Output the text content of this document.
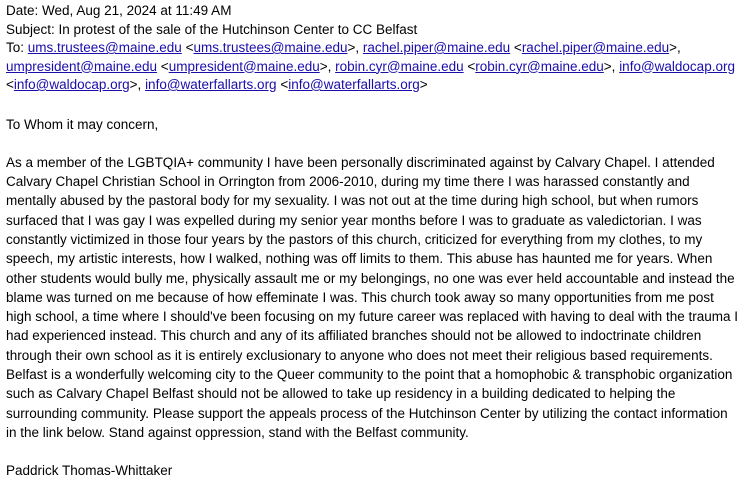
Date: Wed, Aug 21, 2024 at 11:49 AM
Subject: In protest of the sale of the Hutchinson Center to CC Belfast
To: ums.trustees@maine.edu <ums.trustees@maine.edu>, rachel.piper@maine.edu <rachel.piper@maine.edu>, umpresident@maine.edu <umpresident@maine.edu>, robin.cyr@maine.edu <robin.cyr@maine.edu>, info@waldocap.org <info@waldocap.org>, info@waterfallarts.org <info@waterfallarts.org>

To Whom it may concern,

As a member of the LGBTQIA+ community I have been personally discriminated against by Calvary Chapel. I attended Calvary Chapel Christian School in Orrington from 2006-2010, during my time there I was harassed constantly and mentally abused by the pastoral body for my sexuality. I was not out at the time during high school, but when rumors surfaced that I was gay I was expelled during my senior year months before I was to graduate as valedictorian. I was constantly victimized in those four years by the pastors of this church, criticized for everything from my clothes, to my speech, my artistic interests, how I walked, nothing was off limits to them. This abuse has haunted me for years. When other students would bully me, physically assault me or my belongings, no one was ever held accountable and instead the blame was turned on me because of how effeminate I was. This church took away so many opportunities from me post high school, a time where I should've been focusing on my future career was replaced with having to deal with the trauma I had experienced instead. This church and any of its affiliated branches should not be allowed to indoctrinate children through their own school as it is entirely exclusionary to anyone who does not meet their religious based requirements. Belfast is a wonderfully welcoming city to the Queer community to the point that a homophobic & transphobic organization such as Calvary Chapel Belfast should not be allowed to take up residency in a building dedicated to helping the surrounding community. Please support the appeals process of the Hutchinson Center by utilizing the contact information in the link below. Stand against oppression, stand with the Belfast community.

Paddrick Thomas-Whittaker
